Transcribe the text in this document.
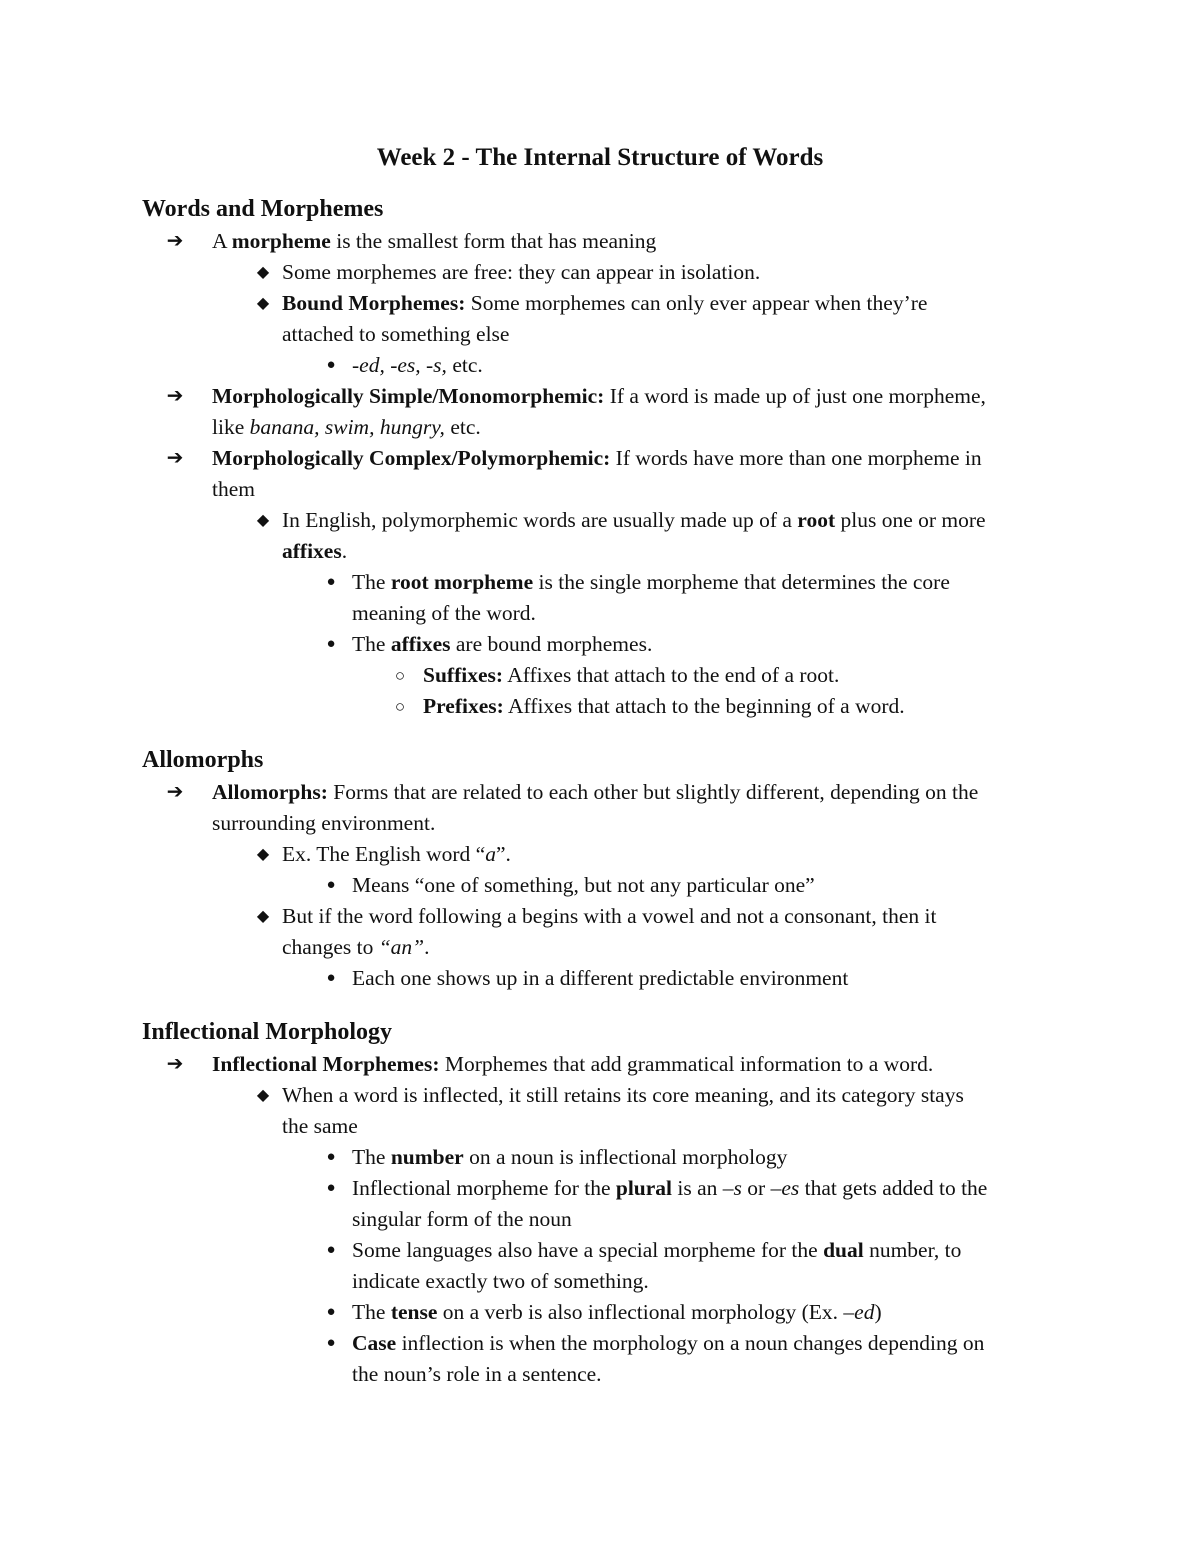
Week 2 - The Internal Structure of Words
Words and Morphemes
➔ A morpheme is the smallest form that has meaning
◆ Some morphemes are free: they can appear in isolation.
◆ Bound Morphemes: Some morphemes can only ever appear when they’re
attached to something else
● -ed, -es, -s, etc.
➔ Morphologically Simple/Monomorphemic: If a word is made up of just one morpheme,
like banana, swim, hungry, etc.
➔ Morphologically Complex/Polymorphemic: If words have more than one morpheme in
them
◆ In English, polymorphemic words are usually made up of a root plus one or more
affixes.
● The root morpheme is the single morpheme that determines the core
meaning of the word.
● The affixes are bound morphemes.
○ Suffixes: Affixes that attach to the end of a root.
○ Prefixes: Affixes that attach to the beginning of a word.
Allomorphs
➔ Allomorphs: Forms that are related to each other but slightly different, depending on the
surrounding environment.
◆ Ex. The English word “a”.
● Means “one of something, but not any particular one”
◆ But if the word following a begins with a vowel and not a consonant, then it
changes to “an”.
● Each one shows up in a different predictable environment
Inflectional Morphology
➔ Inflectional Morphemes: Morphemes that add grammatical information to a word.
◆ When a word is inflected, it still retains its core meaning, and its category stays
the same
● The number on a noun is inflectional morphology
● Inflectional morpheme for the plural is an –s or –es that gets added to the
singular form of the noun
● Some languages also have a special morpheme for the dual number, to
indicate exactly two of something.
● The tense on a verb is also inflectional morphology (Ex. –ed)
● Case inflection is when the morphology on a noun changes depending on
the noun’s role in a sentence.
